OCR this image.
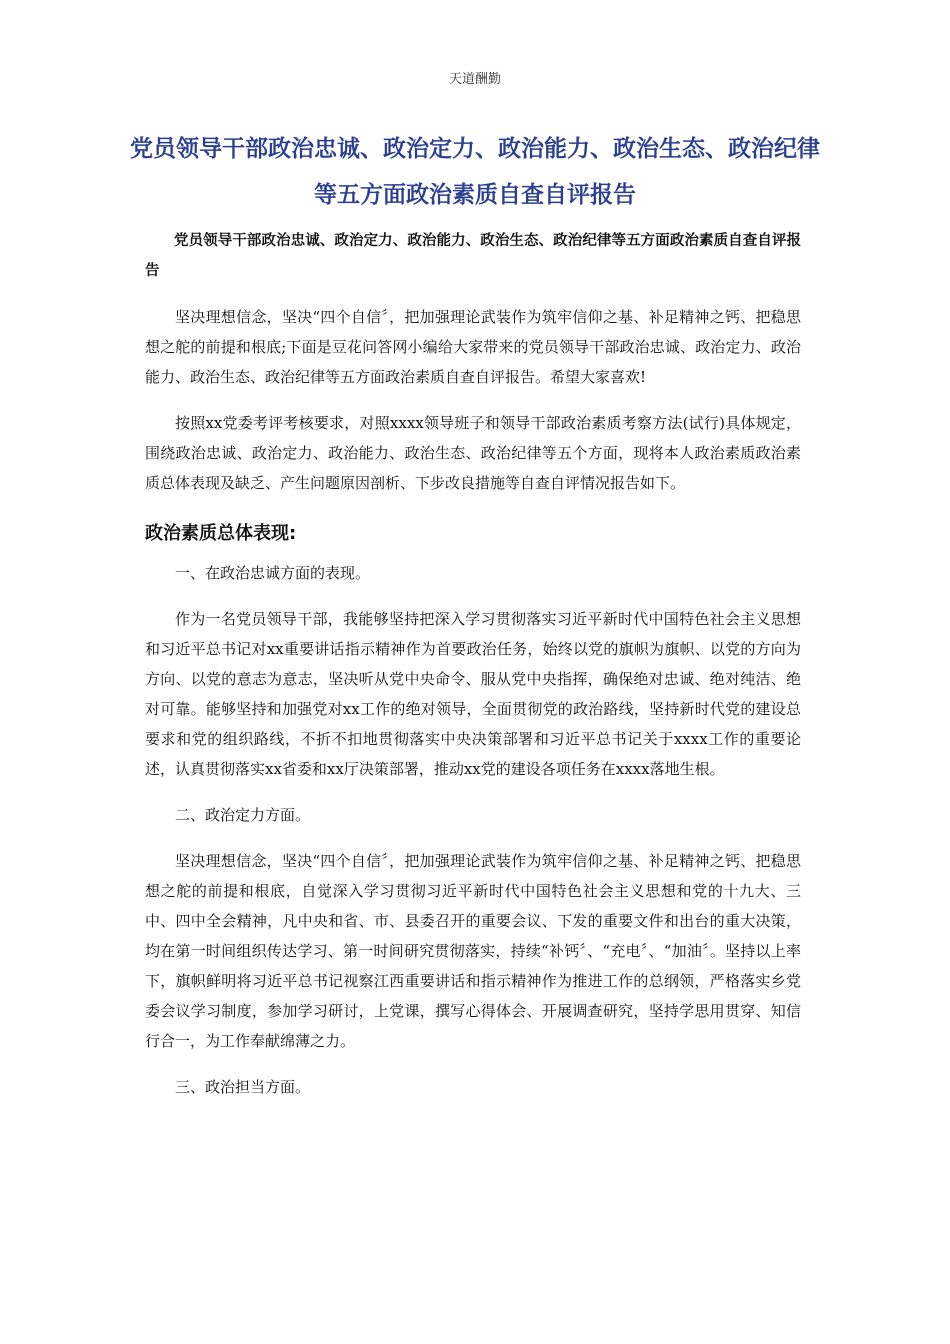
天道酬勤
党员领导干部政治忠诚、政治定力、政治能力、政治生态、政治纪律等五方面政治素质自查自评报告

党员领导干部政治忠诚、政治定力、政治能力、政治生态、政治纪律等五方面政治素质自查自评报告

坚决理想信念，坚决“四个自信〞，把加强理论武装作为筑牢信仰之基、补足精神之钙、把稳思想之舵的前提和根底;下面是豆花问答网小编给大家带来的党员领导干部政治忠诚、政治定力、政治能力、政治生态、政治纪律等五方面政治素质自查自评报告。希望大家喜欢!

按照xx党委考评考核要求，对照xxxx领导班子和领导干部政治素质考察方法(试行)具体规定，围绕政治忠诚、政治定力、政治能力、政治生态、政治纪律等五个方面，现将本人政治素质政治素质总体表现及缺乏、产生问题原因剖析、下步改良措施等自查自评情况报告如下。

政治素质总体表现:

一、在政治忠诚方面的表现。

作为一名党员领导干部，我能够坚持把深入学习贯彻落实习近平新时代中国特色社会主义思想和习近平总书记对xx重要讲话指示精神作为首要政治任务，始终以党的旗帜为旗帜、以党的方向为方向、以党的意志为意志，坚决听从党中央命令、服从党中央指挥，确保绝对忠诚、绝对纯洁、绝对可靠。能够坚持和加强党对xx工作的绝对领导，全面贯彻党的政治路线，坚持新时代党的建设总要求和党的组织路线，不折不扣地贯彻落实中央决策部署和习近平总书记关于xxxx工作的重要论述，认真贯彻落实xx省委和xx厅决策部署，推动xx党的建设各项任务在xxxx落地生根。

二、政治定力方面。

坚决理想信念，坚决“四个自信〞，把加强理论武装作为筑牢信仰之基、补足精神之钙、把稳思想之舵的前提和根底，自觉深入学习贯彻习近平新时代中国特色社会主义思想和党的十九大、三中、四中全会精神，凡中央和省、市、县委召开的重要会议、下发的重要文件和出台的重大决策，均在第一时间组织传达学习、第一时间研究贯彻落实，持续“补钙〞、“充电〞、“加油〞。坚持以上率下，旗帜鲜明将习近平总书记视察江西重要讲话和指示精神作为推进工作的总纲领，严格落实乡党委会议学习制度，参加学习研讨，上党课，撰写心得体会、开展调查研究，坚持学思用贯穿、知信行合一，为工作奉献绵薄之力。

三、政治担当方面。
